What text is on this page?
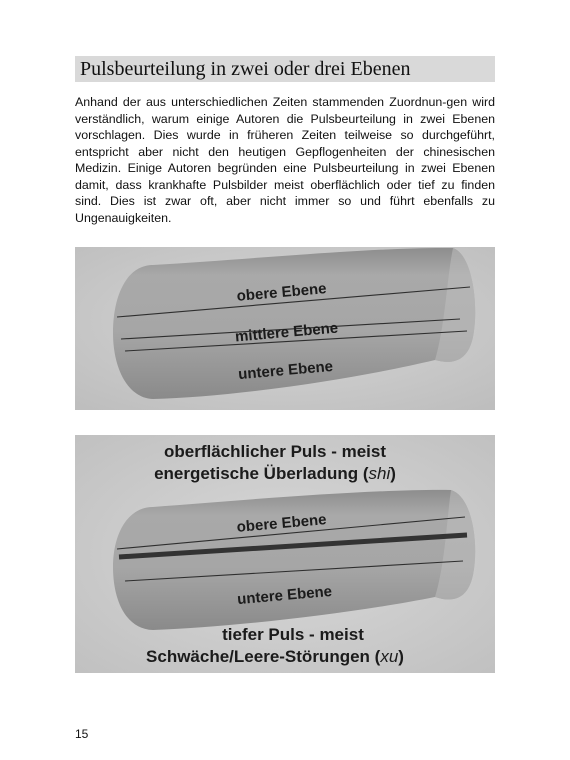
Pulsbeurteilung in zwei oder drei Ebenen

Anhand der aus unterschiedlichen Zeiten stammenden Zuordnun-gen wird verständlich, warum einige Autoren die Pulsbeurteilung in zwei Ebenen vorschlagen. Dies wurde in früheren Zeiten teilweise so durchgeführt, entspricht aber nicht den heutigen Gepflogenheiten der chinesischen Medizin. Einige Autoren begründen eine Pulsbeurteilung in zwei Ebenen damit, dass krankhafte Pulsbilder meist oberflächlich oder tief zu finden sind. Dies ist zwar oft, aber nicht immer so und führt ebenfalls zu Ungenauigkeiten.

obere Ebene
mittlere Ebene
untere Ebene
oberflächlicher Puls - meist
energetische Überladung (shi)
obere Ebene
untere Ebene
tiefer Puls - meist
Schwäche/Leere-Störungen (xu)

15
